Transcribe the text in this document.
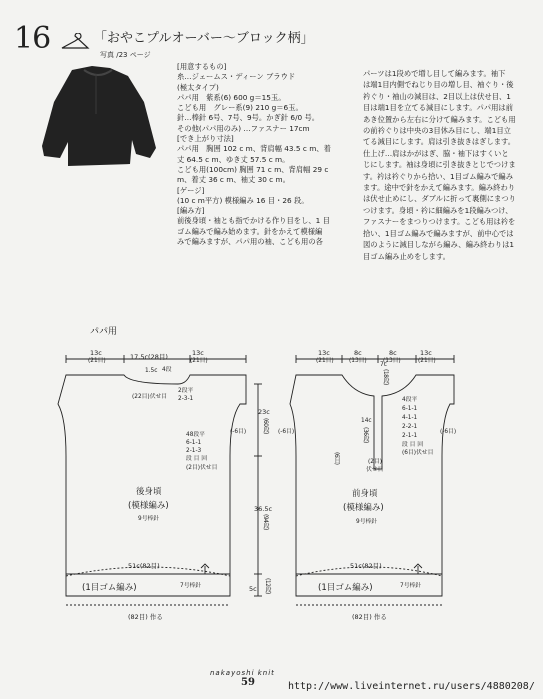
16	「おやこプルオーバー～ブロック柄」
写真 /23 ページ
[用意するもの]
糸…ジェームス・ディーン ブラウド
(極太タイプ)
パパ用　紫系(6) 600 g＝15玉。
こども用　グレー系(9) 210 g＝6玉。
針…棒針 6号、7号、9号。かぎ針 6/0 号。
その他(パパ用のみ) …ファスナー 17cm
[でき上がり寸法]
パパ用　胸囲 102 c m、背肩幅 43.5 c m、着
丈 64.5 c m、ゆき丈 57.5 c m。
こども用(100cm) 胸囲 71 c m、背肩幅 29 c
m、着丈 36 c m、袖丈 30 c m。
[ゲージ]
(10 c m平方) 模様編み 16 目・26 段。
[編み方]
前後身頃・袖とも指でかける作り目をし、1 目
ゴム編みで編み始めます。針をかえて模様編
みで編みますが、パパ用の袖、こども用の各
パーツは1段めで増し目して編みます。袖下
は端1目内側でねじり目の増し目、袖ぐり・後
衿ぐり・袖山の減目は、2目以上は伏せ目、1
目は端1目を立てる減目にします。パパ用は前
あき位置から左右に分けて編みます。こども用
の前衿ぐりは中央の3目休み目にし、端1目立
てる減目にします。肩は引き抜きはぎします。
仕上げ…肩はかがはぎ、脇・袖下はすくいと
じにします。袖は身頃に引き抜きとじでつけま
す。衿は衿ぐりから拾い、1目ゴム編みで編み
ます。途中で針をかえて編みます。編み終わり
は伏せ止めにし、ダブルに折って裏側にまつり
つけます。身頃・衿に細編みを1段編みつけ、
ファスナーをまつりつけます。こども用は衿を
拾い、1目ゴム編みで編みますが、前中心では
図のように減目しながら編み、編み終わりは1
目ゴム編み止めをします。
パパ用
13c
(21目)	17.5c(28目)	13c
(21目)
1.5c 4段
2段平
2-3-1
(22目)伏せ目
48段平
6-1-1
2-1-3
段 目 回
(2目)伏せ目
(-6目)
後身頃
(模様編み)
9号棒針
51c(82目)
(1目ゴム編み)	7号棒針
(82目) 作る
23c
(60段)
36.5c
(94段)
5c (12段)
13c
(21目)
8c
(13目)
8c
(13目)
13c
(21目)
7c
(18段)
14c
(36段)
(2目)
伏せ目
4段平
6-1-1
4-1-1
2-2-1
2-1-1
段 目 回
(6目)伏せ目
(-6目)	(-6目)
(6目)
前身頃
(模様編み)
9号棒針
51c(82目)
(1目ゴム編み)	7号棒針
(82目) 作る
nakayoshi knit
59	http://www.liveinternet.ru/users/4880208/
